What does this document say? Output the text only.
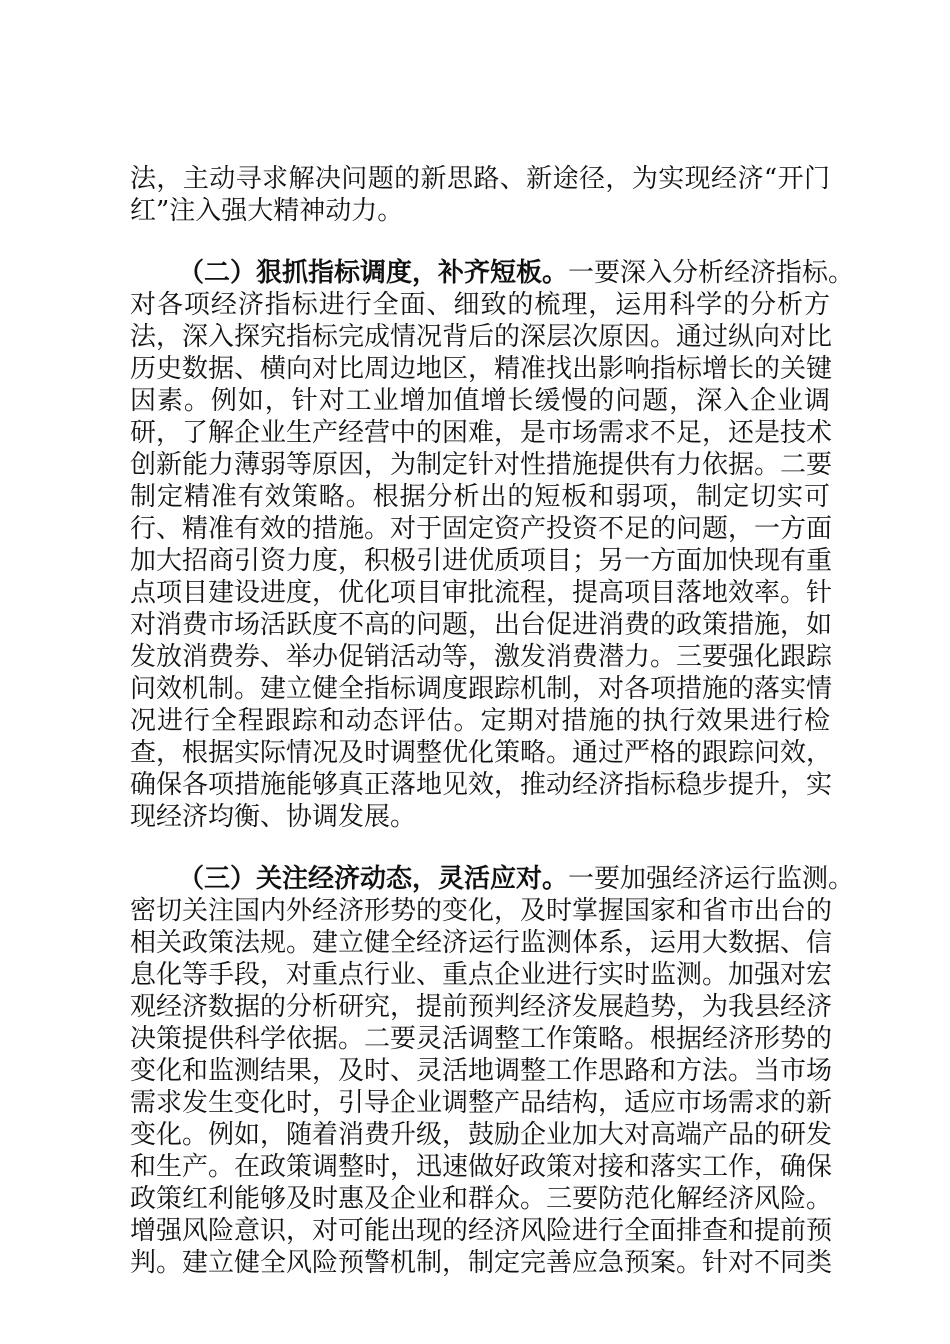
法，主动寻求解决问题的新思路、新途径，为实现经济“开门
红”注入强大精神动力。
（二）狠抓指标调度，补齐短板。一要深入分析经济指标。
对各项经济指标进行全面、细致的梳理，运用科学的分析方
法，深入探究指标完成情况背后的深层次原因。通过纵向对比
历史数据、横向对比周边地区，精准找出影响指标增长的关键
因素。例如，针对工业增加值增长缓慢的问题，深入企业调
研，了解企业生产经营中的困难，是市场需求不足，还是技术
创新能力薄弱等原因，为制定针对性措施提供有力依据。二要
制定精准有效策略。根据分析出的短板和弱项，制定切实可
行、精准有效的措施。对于固定资产投资不足的问题，一方面
加大招商引资力度，积极引进优质项目；另一方面加快现有重
点项目建设进度，优化项目审批流程，提高项目落地效率。针
对消费市场活跃度不高的问题，出台促进消费的政策措施，如
发放消费券、举办促销活动等，激发消费潜力。三要强化跟踪
问效机制。建立健全指标调度跟踪机制，对各项措施的落实情
况进行全程跟踪和动态评估。定期对措施的执行效果进行检
查，根据实际情况及时调整优化策略。通过严格的跟踪问效，
确保各项措施能够真正落地见效，推动经济指标稳步提升，实
现经济均衡、协调发展。
（三）关注经济动态，灵活应对。一要加强经济运行监测。
密切关注国内外经济形势的变化，及时掌握国家和省市出台的
相关政策法规。建立健全经济运行监测体系，运用大数据、信
息化等手段，对重点行业、重点企业进行实时监测。加强对宏
观经济数据的分析研究，提前预判经济发展趋势，为我县经济
决策提供科学依据。二要灵活调整工作策略。根据经济形势的
变化和监测结果，及时、灵活地调整工作思路和方法。当市场
需求发生变化时，引导企业调整产品结构，适应市场需求的新
变化。例如，随着消费升级，鼓励企业加大对高端产品的研发
和生产。在政策调整时，迅速做好政策对接和落实工作，确保
政策红利能够及时惠及企业和群众。三要防范化解经济风险。
增强风险意识，对可能出现的经济风险进行全面排查和提前预
判。建立健全风险预警机制，制定完善应急预案。针对不同类
